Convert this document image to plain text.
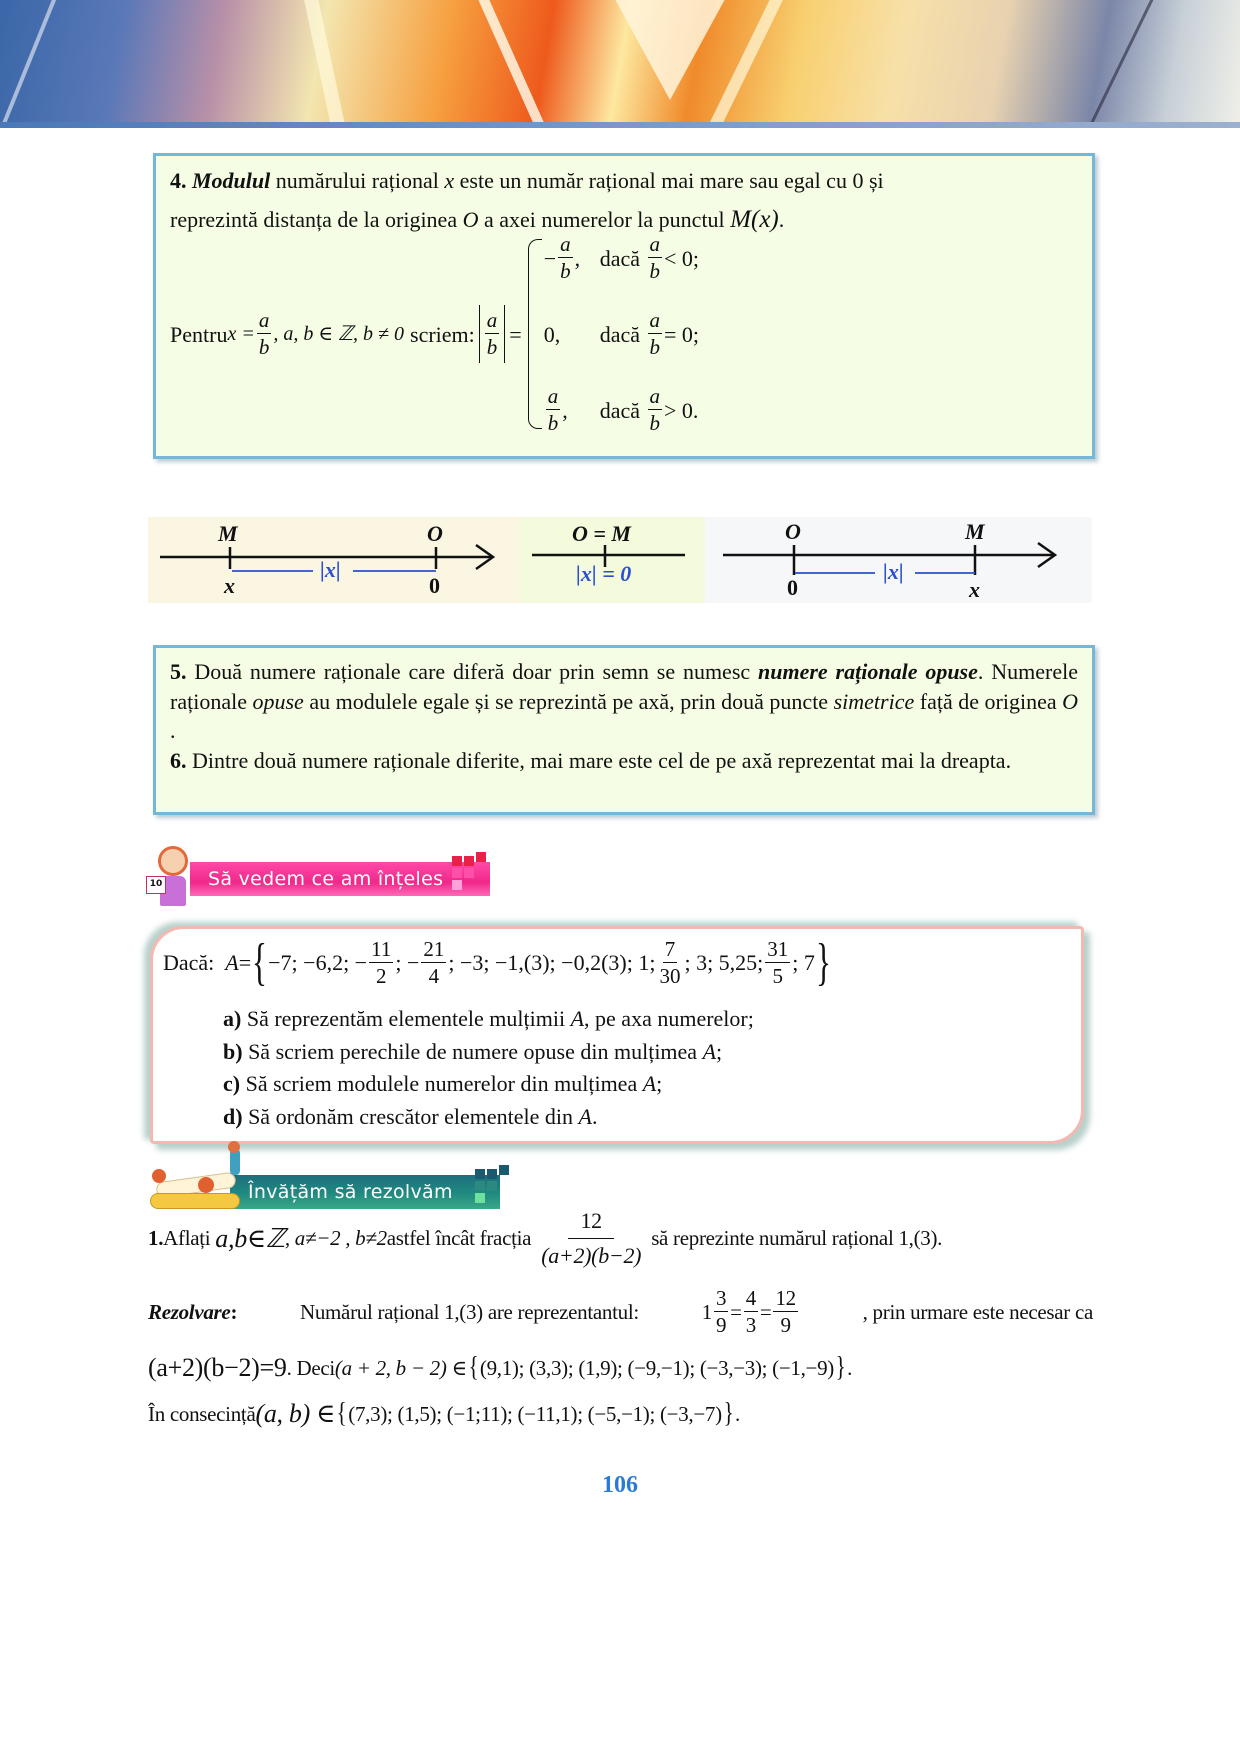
4. Modulul numărului rațional x este un număr rațional mai mare sau egal cu 0 și
reprezintă distanța de la originea O a axei numerelor la punctul M(x).
Pentru $x = \frac{a}{b}$ , a, b ∈ ℤ, b ≠ 0 scriem: $\frac{a}{b}$ =
− $\frac{a}{b}$ , dacă
$\frac{a}{b} < 0$;
0, dacă
$\frac{a}{b} = 0$;
$\frac{a}{b}$ , dacă
$\frac{a}{b} > 0$.
M	O
x	0
|x|
O = M
|x| = 0
O	M
0	x
|x|
5. Două numere raționale care diferă doar prin semn se numesc numere raționale opuse. Numerele raționale opuse au modulele egale și se reprezintă pe axă, prin două puncte simetrice față de originea O .
6. Dintre două numere raționale diferite, mai mare este cel de pe axă reprezentat mai la dreapta.
10	Să vedem ce am înțeles
Dacă:
A = { −7; −6,2; − $\frac{11}{2}$ ; − $\frac{21}{4}$ ; −3; −1,(3); −0,2(3); 1; $\frac{7}{30}$ ; 3; 5,25; $\frac{31}{5}$ ; 7 }
a) Să reprezentăm elementele mulțimii A, pe axa numerelor;
b) Să scriem perechile de numere opuse din mulțimea A;
c) Să scriem modulele numerelor din mulțimea A;
d) Să ordonăm crescător elementele din A.
Învățăm să rezolvăm
1. Aflați
a,b∈ℤ , a≠−2 , b≠2 astfel încât fracția $\frac{12}{(a+2)(b-2)}$ să reprezinte numărul rațional 1,(3).
Rezolvare:	Numărul rațional 1,(3) are reprezentantul:	$1 \frac{3}{9} = \frac{4}{3} = \frac{12}{9}$	, prin urmare este necesar ca
(a+2)(b−2)=9 . Deci (a + 2, b − 2) ∈ { (9,1); (3,3); (1,9); (−9,−1); (−3,−3); (−1,−9) } .
În consecință (a, b) ∈ { (7,3); (1,5); (−1;11); (−11,1); (−5,−1); (−3,−7) } .
106
